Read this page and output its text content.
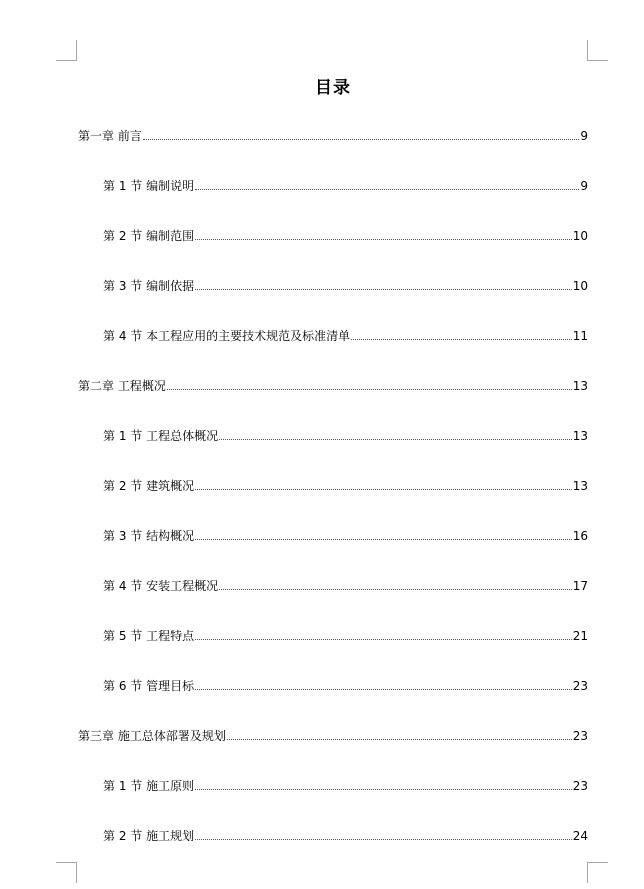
目录
第一章 前言	9
第 1 节 编制说明	9
第 2 节 编制范围	10
第 3 节 编制依据	10
第 4 节 本工程应用的主要技术规范及标准清单	11
第二章 工程概况	13
第 1 节 工程总体概况	13
第 2 节 建筑概况	13
第 3 节 结构概况	16
第 4 节 安装工程概况	17
第 5 节 工程特点	21
第 6 节 管理目标	23
第三章 施工总体部署及规划	23
第 1 节 施工原则	23
第 2 节 施工规划	24
